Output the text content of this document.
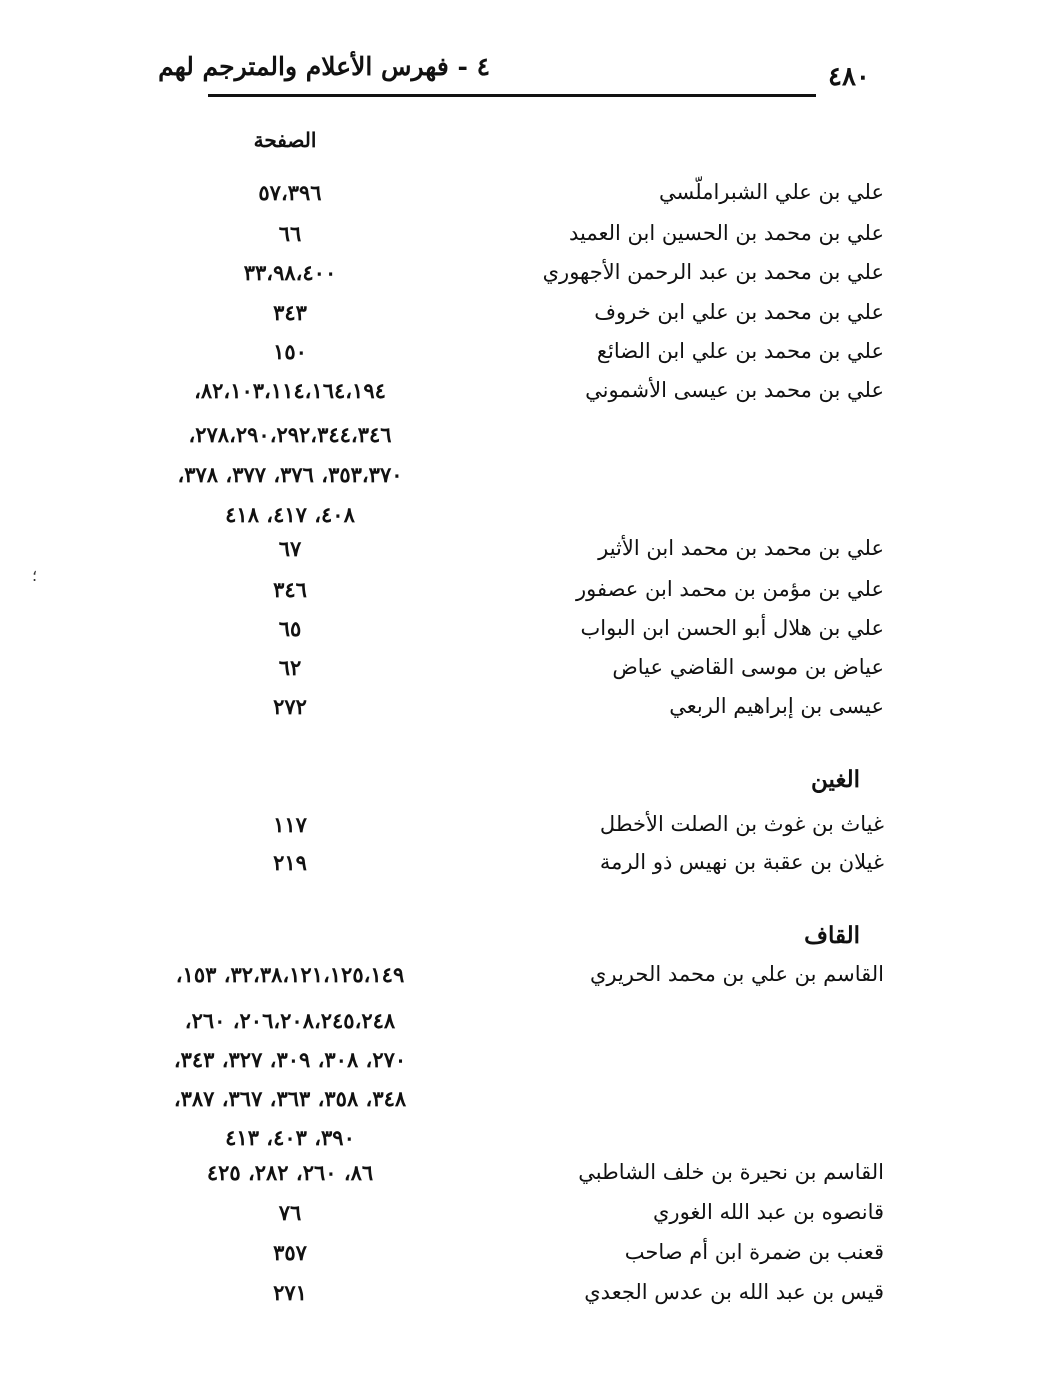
٤ - فهرس الأعلام والمترجم لهم	٤٨٠
الصفحة
؛
علي بن علي الشبراملّسي
٥٧،٣٩٦
علي بن محمد بن الحسين ابن العميد
٦٦
علي بن محمد بن عبد الرحمن الأجهوري
٣٣،٩٨،٤٠٠
علي بن محمد بن علي ابن خروف
٣٤٣
علي بن محمد بن علي ابن الضائع
١٥٠
علي بن محمد بن عيسى الأشموني
٨٢،١٠٣،١١٤،١٦٤،١٩٤،
٢٧٨،٢٩٠،٢٩٢،٣٤٤،٣٤٦،
٣٥٣،٣٧٠، ٣٧٦، ٣٧٧، ٣٧٨،
٤٠٨، ٤١٧، ٤١٨
علي بن محمد بن محمد ابن الأثير
٦٧
علي بن مؤمن بن محمد ابن عصفور
٣٤٦
علي بن هلال أبو الحسن ابن البواب
٦٥
عياض بن موسى القاضي عياض
٦٢
عيسى بن إبراهيم الربعي
٢٧٢
الغين
غياث بن غوث بن الصلت الأخطل
١١٧
غيلان بن عقبة بن نهيس ذو الرمة
٢١٩
القاف
القاسم بن علي بن محمد الحريري
٣٢،٣٨،١٢١،١٢٥،١٤٩، ١٥٣،
٢٠٦،٢٠٨،٢٤٥،٢٤٨، ٢٦٠،
٢٧٠، ٣٠٨، ٣٠٩، ٣٢٧، ٣٤٣،
٣٤٨، ٣٥٨، ٣٦٣، ٣٦٧، ٣٨٧،
٣٩٠، ٤٠٣، ٤١٣
القاسم بن نحيرة بن خلف الشاطبي
٨٦، ٢٦٠، ٢٨٢، ٤٢٥
قانصوه بن عبد الله الغوري
٧٦
قعنب بن ضمرة ابن أم صاحب
٣٥٧
قيس بن عبد الله بن عدس الجعدي
٢٧١
